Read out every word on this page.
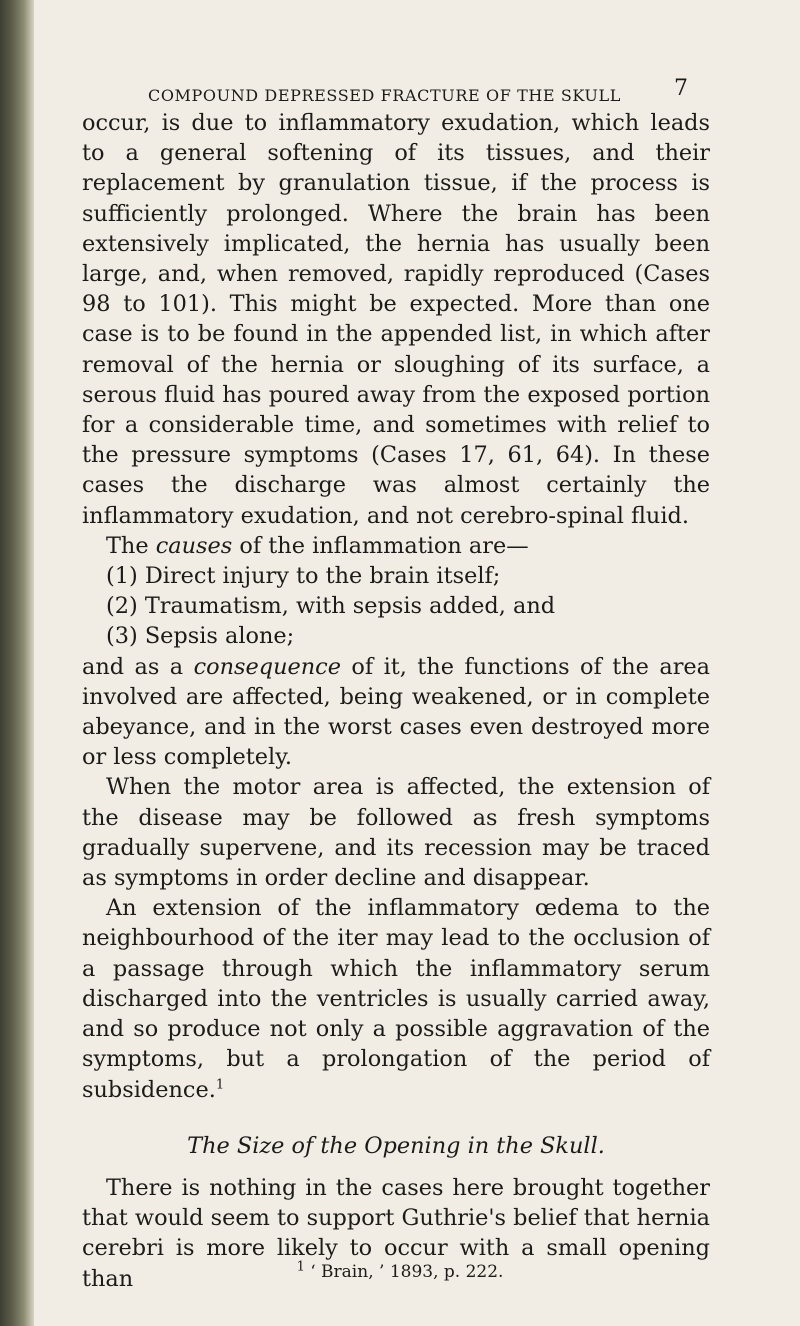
COMPOUND DEPRESSED FRACTURE OF THE SKULL	7

occur, is due to inflammatory exudation, which leads to a general softening of its tissues, and their replacement by granulation tissue, if the process is sufficiently prolonged. Where the brain has been extensively implicated, the hernia has usually been large, and, when removed, rapidly reproduced (Cases 98 to 101). This might be expected. More than one case is to be found in the appended list, in which after removal of the hernia or sloughing of its surface, a serous fluid has poured away from the exposed portion for a considerable time, and sometimes with relief to the pressure symptoms (Cases 17, 61, 64). In these cases the discharge was almost certainly the inflammatory exudation, and not cerebro-spinal fluid.

The causes of the inflammation are—

(1) Direct injury to the brain itself;

(2) Traumatism, with sepsis added, and

(3) Sepsis alone;

and as a consequence of it, the functions of the area involved are affected, being weakened, or in complete abeyance, and in the worst cases even destroyed more or less completely.

When the motor area is affected, the extension of the disease may be followed as fresh symptoms gradually supervene, and its recession may be traced as symptoms in order decline and disappear.

An extension of the inflammatory œdema to the neighbourhood of the iter may lead to the occlusion of a passage through which the inflammatory serum discharged into the ventricles is usually carried away, and so produce not only a possible aggravation of the symptoms, but a prolongation of the period of subsidence.$^1$

The Size of the Opening in the Skull.

There is nothing in the cases here brought together that would seem to support Guthrie's belief that hernia cerebri is more likely to occur with a small opening than	$^1$ ‘ Brain, ’ 1893, p. 222.
